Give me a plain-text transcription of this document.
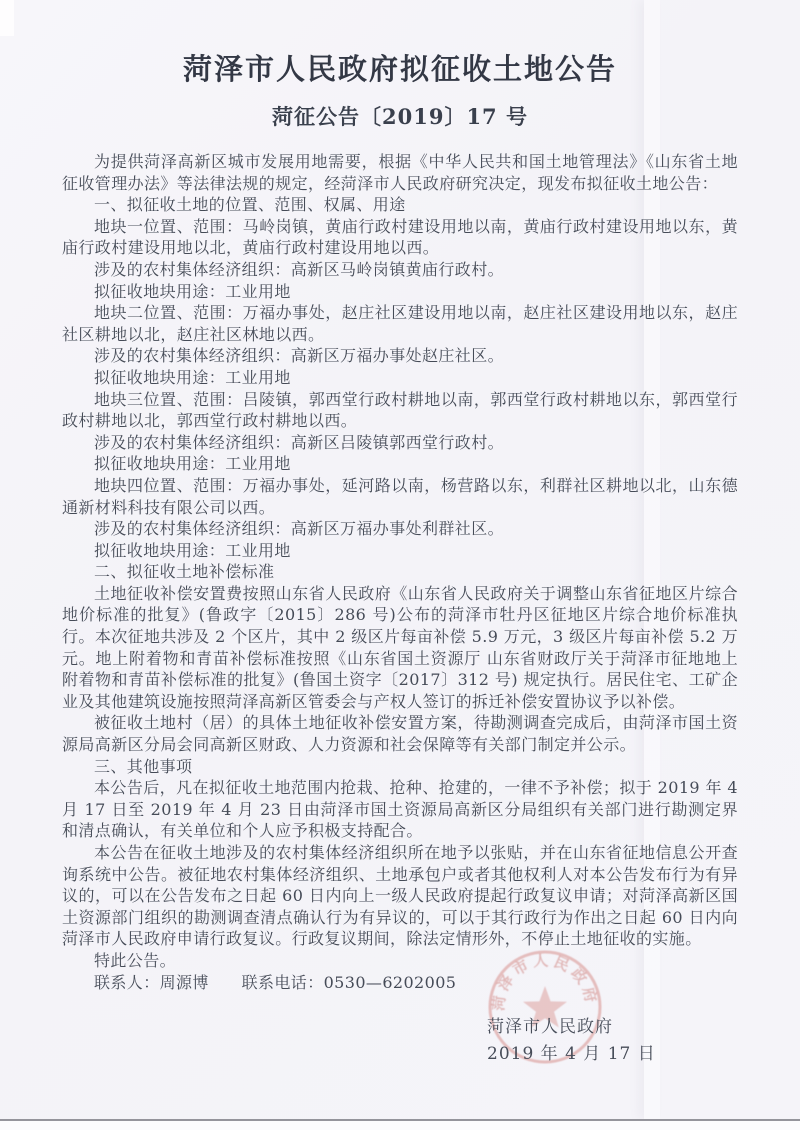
菏泽市人民政府拟征收土地公告
菏征公告〔2019〕17 号

为提供菏泽高新区城市发展用地需要，根据《中华人民共和国土地管理法》《山东省土地征收管理办法》等法律法规的规定，经菏泽市人民政府研究决定，现发布拟征收土地公告：

一、拟征收土地的位置、范围、权属、用途

地块一位置、范围：马岭岗镇，黄庙行政村建设用地以南，黄庙行政村建设用地以东，黄庙行政村建设用地以北，黄庙行政村建设用地以西。

涉及的农村集体经济组织：高新区马岭岗镇黄庙行政村。

拟征收地块用途：工业用地

地块二位置、范围：万福办事处，赵庄社区建设用地以南，赵庄社区建设用地以东，赵庄社区耕地以北，赵庄社区林地以西。

涉及的农村集体经济组织：高新区万福办事处赵庄社区。

拟征收地块用途：工业用地

地块三位置、范围：吕陵镇，郭西堂行政村耕地以南，郭西堂行政村耕地以东，郭西堂行政村耕地以北，郭西堂行政村耕地以西。

涉及的农村集体经济组织：高新区吕陵镇郭西堂行政村。

拟征收地块用途：工业用地

地块四位置、范围：万福办事处，延河路以南，杨营路以东，利群社区耕地以北，山东德通新材料科技有限公司以西。

涉及的农村集体经济组织：高新区万福办事处利群社区。

拟征收地块用途：工业用地

二、拟征收土地补偿标准

土地征收补偿安置费按照山东省人民政府《山东省人民政府关于调整山东省征地区片综合地价标准的批复》(鲁政字〔2015〕286 号)公布的菏泽市牡丹区征地区片综合地价标准执行。本次征地共涉及 2 个区片，其中 2 级区片每亩补偿 5.9 万元，3 级区片每亩补偿 5.2 万元。地上附着物和青苗补偿标准按照《山东省国土资源厅 山东省财政厅关于菏泽市征地地上附着物和青苗补偿标准的批复》(鲁国土资字〔2017〕312 号) 规定执行。居民住宅、工矿企业及其他建筑设施按照菏泽高新区管委会与产权人签订的拆迁补偿安置协议予以补偿。

被征收土地村（居）的具体土地征收补偿安置方案，待勘测调查完成后，由菏泽市国土资源局高新区分局会同高新区财政、人力资源和社会保障等有关部门制定并公示。

三、其他事项

本公告后，凡在拟征收土地范围内抢栽、抢种、抢建的，一律不予补偿；拟于 2019 年 4 月 17 日至 2019 年 4 月 23 日由菏泽市国土资源局高新区分局组织有关部门进行勘测定界和清点确认，有关单位和个人应予积极支持配合。

本公告在征收土地涉及的农村集体经济组织所在地予以张贴，并在山东省征地信息公开查询系统中公告。被征地农村集体经济组织、土地承包户或者其他权利人对本公告发布行为有异议的，可以在公告发布之日起 60 日内向上一级人民政府提起行政复议申请；对菏泽高新区国土资源部门组织的勘测调查清点确认行为有异议的，可以于其行政行为作出之日起 60 日内向菏泽市人民政府申请行政复议。行政复议期间，除法定情形外，不停止土地征收的实施。

特此公告。

联系人：周源博　　联系电话：0530—6202005

菏泽市人民政府
菏泽市人民政府
2019 年 4 月 17 日
